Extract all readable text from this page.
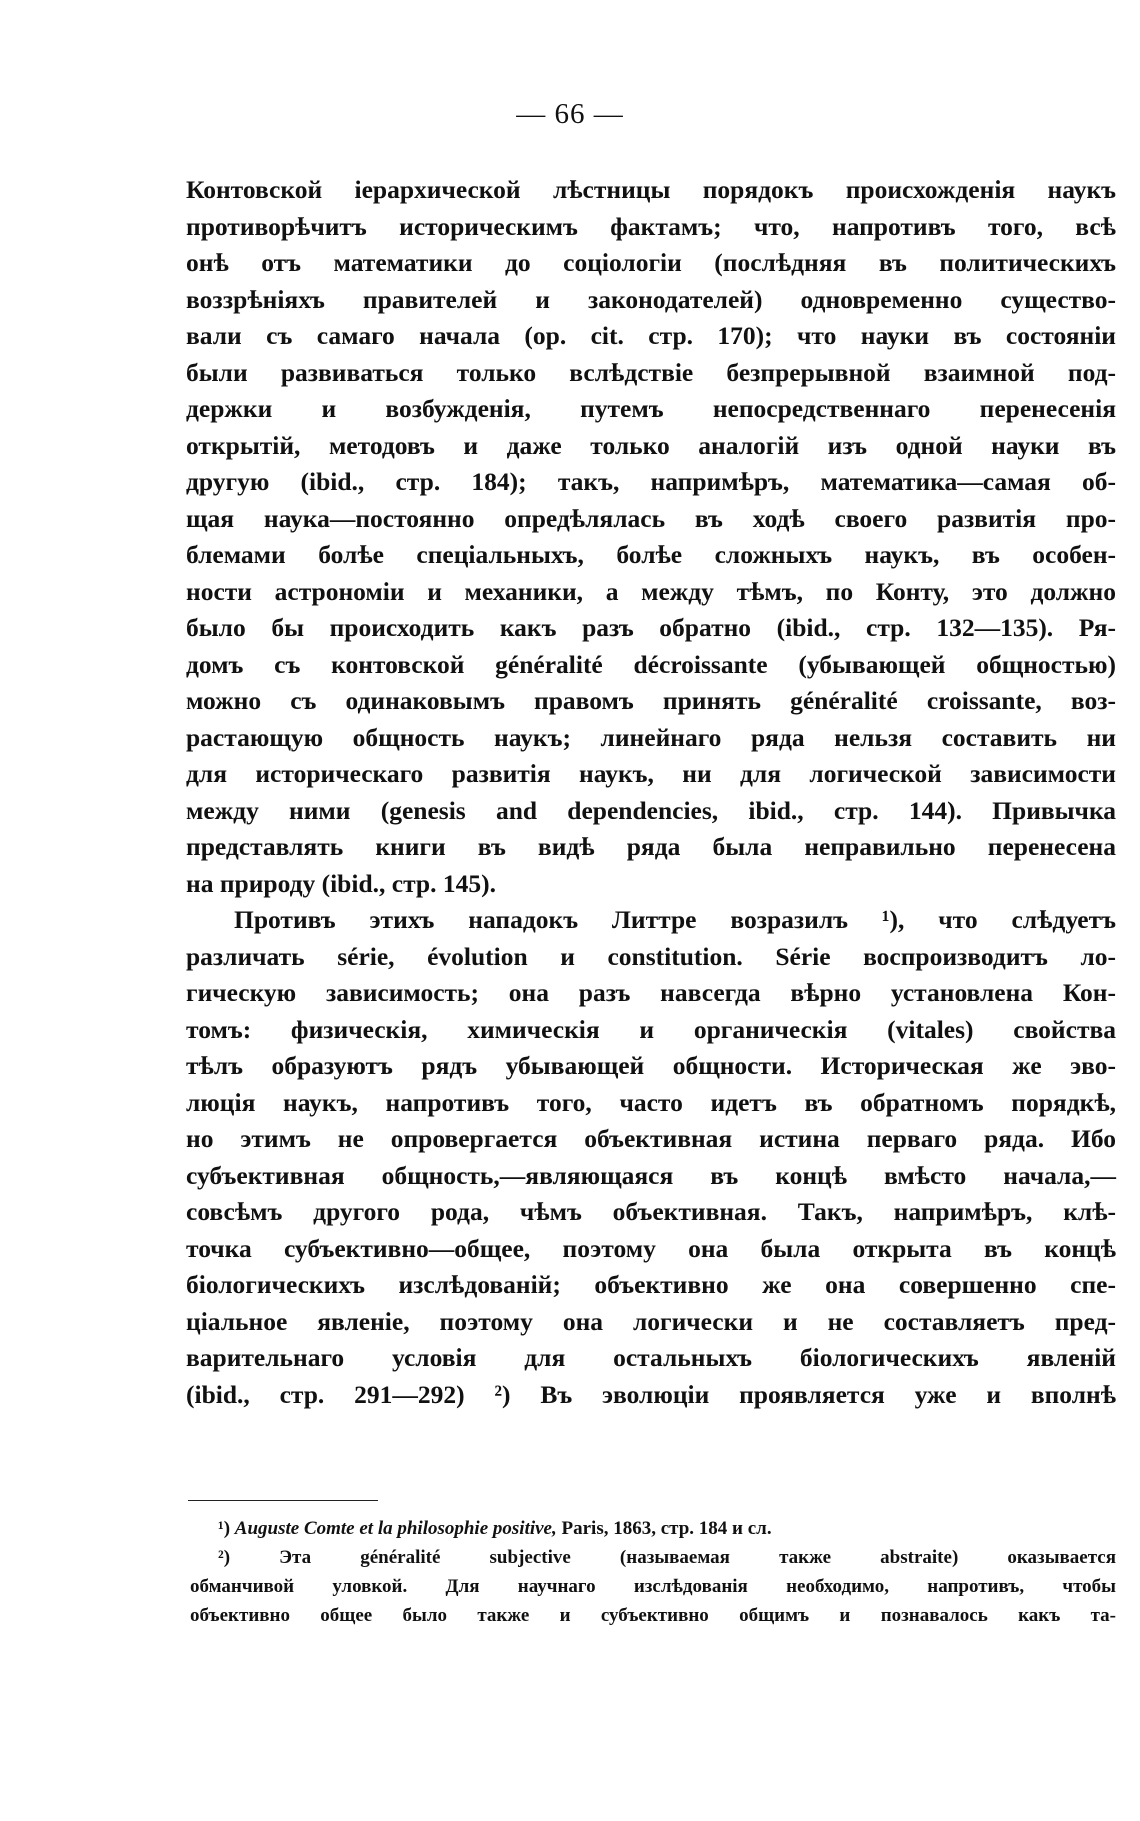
— 66 —
Контовской iерархической лѣстницы порядокъ происхожденія наукъ
противорѣчитъ историческимъ фактамъ; что, напротивъ того, всѣ
онѣ отъ математики до соціологіи (послѣдняя въ политическихъ
воззрѣніяхъ правителей и законодателей) одновременно существо-
вали съ самаго начала (op. cit. стр. 170); что науки въ состояніи
были развиваться только вслѣдствіе безпрерывной взаимной под-
держки и возбужденія, путемъ непосредственнаго перенесенія
открытій, методовъ и даже только аналогій изъ одной науки въ
другую (ibid., стр. 184); такъ, напримѣръ, математика—самая об-
щая наука—постоянно опредѣлялась въ ходѣ своего развитія про-
блемами болѣе спеціальныхъ, болѣе сложныхъ наукъ, въ особен-
ности астрономіи и механики, а между тѣмъ, по Конту, это должно
было бы происходить какъ разъ обратно (ibid., стр. 132—135). Ря-
домъ съ контовской généralité décroissante (убывающей общностью)
можно съ одинаковымъ правомъ принять généralité croissante, воз-
растающую общность наукъ; линейнаго ряда нельзя составить ни
для историческаго развитія наукъ, ни для логической зависимости
между ними (genesis and dependencies, ibid., стр. 144). Привычка
представлять книги въ видѣ ряда была неправильно перенесена
на природу (ibid., стр. 145).
Противъ этихъ нападокъ Литтре возразилъ ¹), что слѣдуетъ
различать série, évolution и constitution. Série воспроизводитъ ло-
гическую зависимость; она разъ навсегда вѣрно установлена Кон-
томъ: физическія, химическія и органическія (vitales) свойства
тѣлъ образуютъ рядъ убывающей общности. Историческая же эво-
люція наукъ, напротивъ того, часто идетъ въ обратномъ порядкѣ,
но этимъ не опровергается объективная истина перваго ряда. Ибо
субъективная общность,—являющаяся въ концѣ вмѣсто начала,—
совсѣмъ другого рода, чѣмъ объективная. Такъ, напримѣръ, клѣ-
точка субъективно—общее, поэтому она была открыта въ концѣ
біологическихъ изслѣдованій; объективно же она совершенно спе-
ціальное явленіе, поэтому она логически и не составляетъ пред-
варительнаго условія для остальныхъ біологическихъ явленій
(ibid., стр. 291—292) ²) Въ эволюціи проявляется уже и вполнѣ
¹) Auguste Comte et la philosophie positive, Paris, 1863, стр. 184 и сл.
²) Эта généralité subjective (называемая также abstraite) оказывается
обманчивой уловкой. Для научнаго изслѣдованія необходимо, напротивъ, чтобы
объективно общее было также и субъективно общимъ и познавалось какъ та-
